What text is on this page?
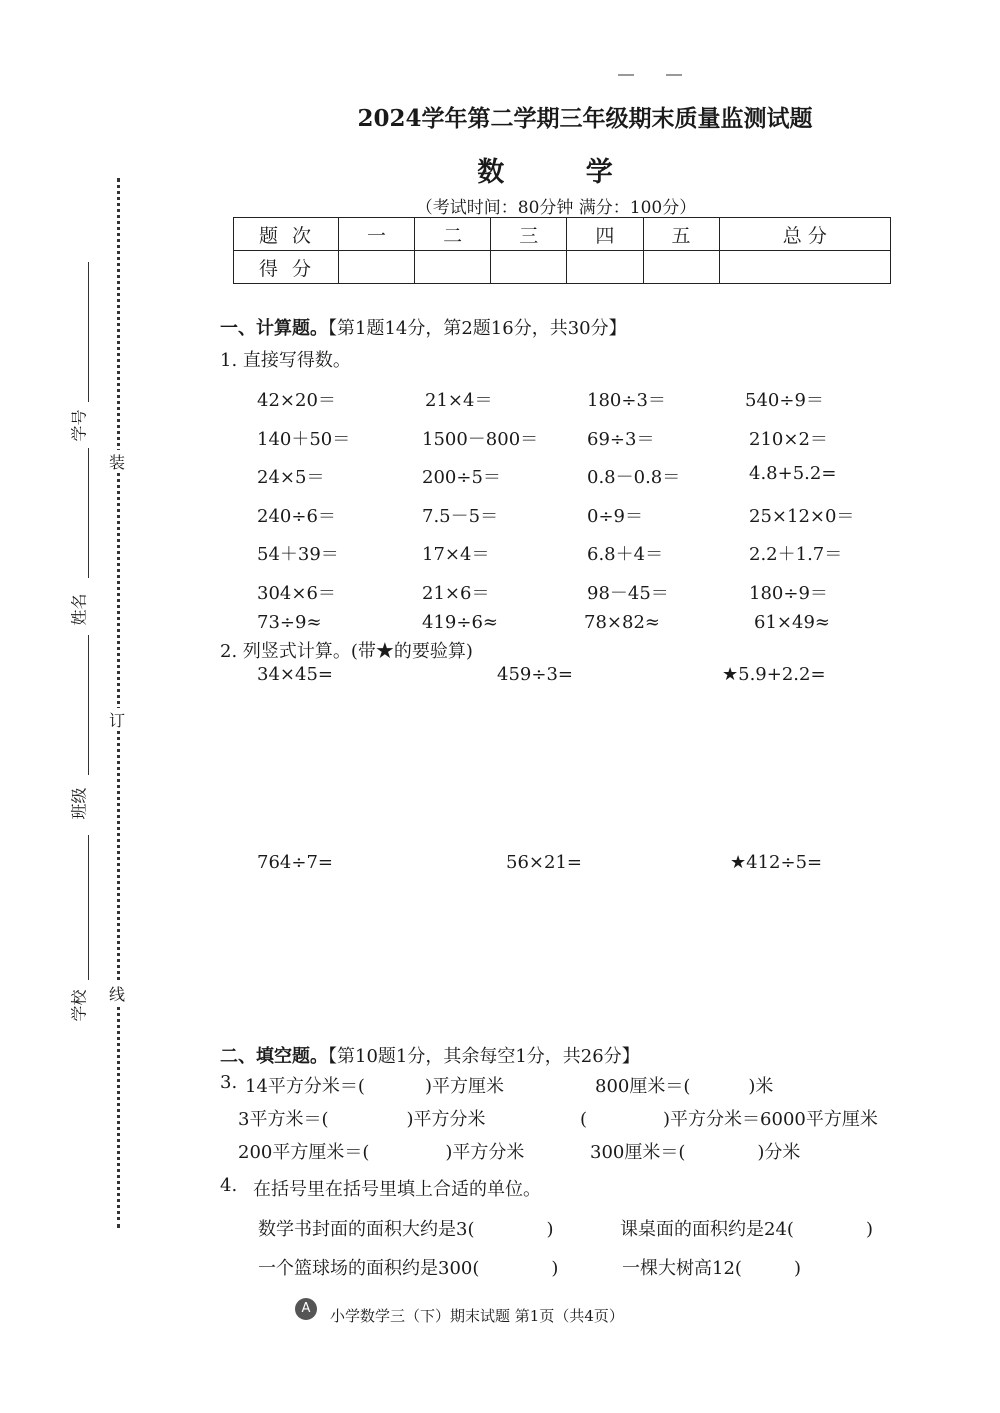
2024学年第二学期三年级期末质量监测试题
数 学
（考试时间：80分钟 满分：100分）
题次	一	二	三	四	五	总 分
得分						
学号
姓名
班级
学校
装
订
线
一、计算题。【第1题14分，第2题16分，共30分】
1. 直接写得数。
42×20＝	21×4＝	180÷3＝	540÷9＝
140＋50＝	1500－800＝	69÷3＝	210×2＝
24×5＝	200÷5＝	0.8－0.8＝	4.8+5.2=
240÷6＝	7.5－5＝	0÷9＝	25×12×0＝
54＋39＝	17×4＝	6.8＋4＝	2.2＋1.7＝
304×6＝	21×6＝	98－45＝	180÷9＝
73÷9≈	419÷6≈	78×82≈	61×49≈
2. 列竖式计算。(带★的要验算)
34×45=	459÷3=	★5.9+2.2=
764÷7=	56×21=	★412÷5=
二、填空题。【第10题1分，其余每空1分，共26分】
3. 14平方分米＝(	)平方厘米	800厘米＝(	)米
3平方米＝(	)平方分米	(	)平方分米＝6000平方厘米
200平方厘米＝(	)平方分米	300厘米＝(	)分米
4. 在括号里在括号里填上合适的单位。
数学书封面的面积大约是3(	)	课桌面的面积约是24(	)
一个篮球场的面积约是300(	)	一棵大树高12(	)
A	小学数学三（下）期末试题 第1页（共4页）
